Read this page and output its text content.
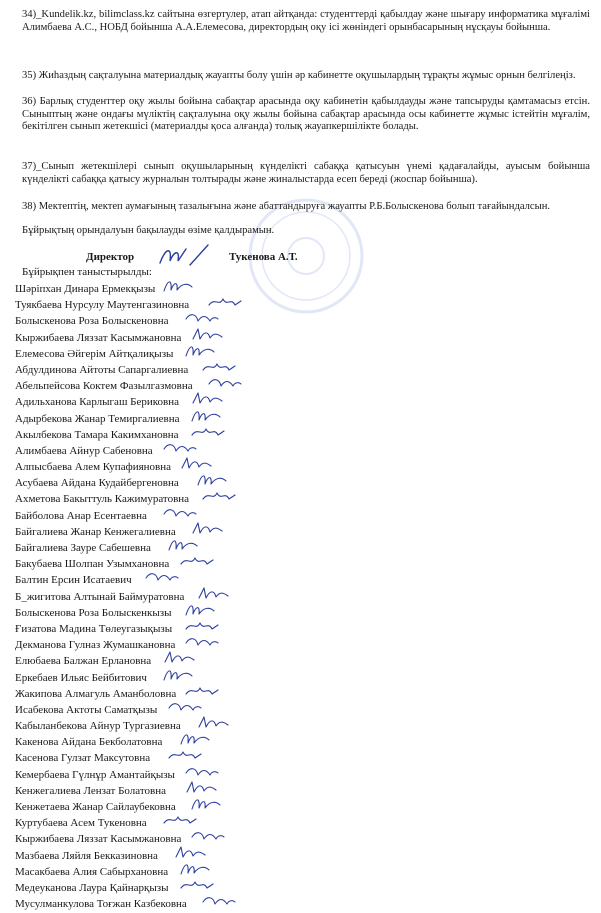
34)_Kundelik.kz, bilimclass.kz сайтына өзгертулер, атап айтқанда: студенттерді қабылдау және шығару информатика мұғалімі Алимбаева А.С., НОБД бойынша А.А.Елемесова, директордың оқу ісі жөніндегі орынбасарының нұсқауы бойынша.

35) Жиһаздың сақталуына материалдық жауапты болу үшін әр кабинетте оқушылардың тұрақты жұмыс орнын белгілеңіз.

36) Барлық студенттер оқу жылы бойына сабақтар арасында оқу кабинетін қабылдауды және тапсыруды қамтамасыз етсін. Сыныптың және ондағы мүліктің сақталуына оқу жылы бойына сабақтар арасында осы кабинетте жұмыс істейтін мұғалім, бекітілген сынып жетекшісі (материалды қоса алғанда) толық жауапкершілікте болады.

37)_Сынып жетекшілері сынып оқушыларының күнделікті сабаққа қатысуын үнемі қадағалайды, ауысым бойынша күнделікті сабаққа қатысу журналын толтырады және жиналыстарда есеп береді (жоспар бойынша).

38) Мектептің, мектеп аумағының тазалығына және абаттандыруға жауапты Р.Б.Болыскенова болып тағайындалсын.

Бұйрықтың орындалуын бақылауды өзіме қалдырамын.

Директор	Тукенова А.Т.
Бұйрықпен таныстырылды:
Шәріпхан Динара Ермекқызы
Туякбаева Нурсулу Маутенгазиновна
Болыскенова Роза Болыскеновна
Кыржибаева Ляззат Касымжановна
Елемесова Әйгерім Айтқалиқызы
Абдулдинова Айтоты Сапаргалиевна
Абельпейсова Коктем Фазылгазмовна
Адильханова Карлыгаш Бериковна
Адырбекова Жанар Темиргалиевна
Акылбекова Тамара Какимхановна
Алимбаева Айнур Сабеновна
Алпысбаева Алем Купафияновна
Асубаева Айдана Кудайбергеновна
Ахметова Бакыттуль Кажимуратовна
Байболова Анар Есентаевна
Байгалиева Жанар Кенжегалиевна
Байгалиева Зауре Сабешевна
Бакубаева Шолпан Узымхановна
Балтин Ерсин Исатаевич
Б_жигитова Алтынай Баймуратовна
Болыскенова Роза Болыскенкызы
Ғизатова Мадина Төлеугазықызы
Декманова Гулназ Жумашкановна
Елюбаева Балжан Ерлановна
Еркебаев Ильяс Бейбитович
Жакипова Алмагуль Аманболовна
Исабекова Актоты Саматқызы
Кабыланбекова Айнур Тургазиевна
Какенова Айдана Бекболатовна
Касенова Гулзат Максутовна
Кемербаева Гүлнұр Амантайқызы
Кенжегалиева Лензат Болатовна
Кенжетаева Жанар Сайлаубековна
Куртубаева Асем Тукеновна
Кыржибаева Ляззат Касымжановна
Мазбаева Ляйля Бекказиновна
Масакбаева Алия Сабырхановна
Медеуканова Лаура Қайнарқызы
Мусулманкулова Тоғжан Казбековна
